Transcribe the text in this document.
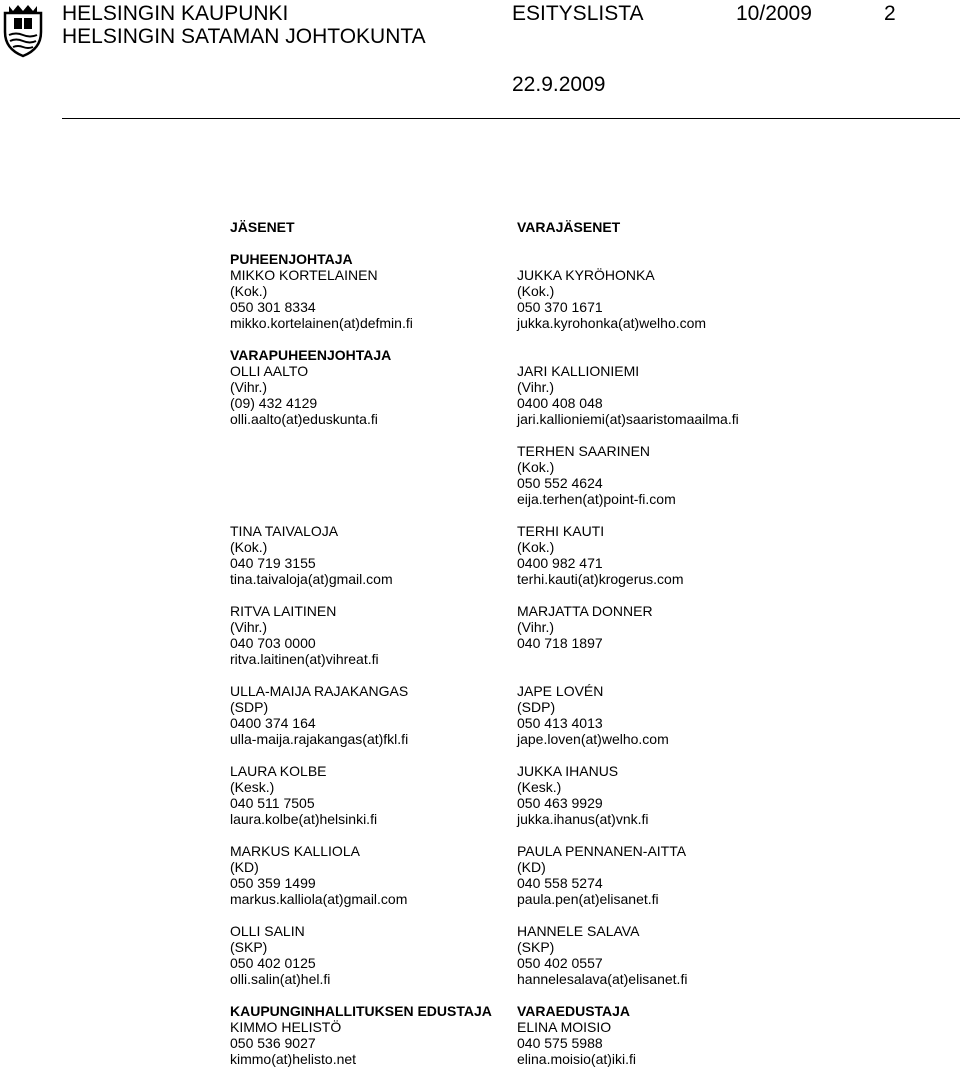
HELSINGIN KAUPUNKI
HELSINGIN SATAMAN JOHTOKUNTA
ESITYSLISTA	10/2009	2
22.9.2009
JÄSENET
PUHEENJOHTAJA
MIKKO KORTELAINEN
(Kok.)
050 301 8334
mikko.kortelainen(at)defmin.fi
VARAPUHEENJOHTAJA
OLLI AALTO
(Vihr.)
(09) 432 4129
olli.aalto(at)eduskunta.fi
TINA TAIVALOJA
(Kok.)
040 719 3155
tina.taivaloja(at)gmail.com
RITVA LAITINEN
(Vihr.)
040 703 0000
ritva.laitinen(at)vihreat.fi
ULLA-MAIJA RAJAKANGAS
(SDP)
0400 374 164
ulla-maija.rajakangas(at)fkl.fi
LAURA KOLBE
(Kesk.)
040 511 7505
laura.kolbe(at)helsinki.fi
MARKUS KALLIOLA
(KD)
050 359 1499
markus.kalliola(at)gmail.com
OLLI SALIN
(SKP)
050 402 0125
olli.salin(at)hel.fi
KAUPUNGINHALLITUKSEN EDUSTAJA
KIMMO HELISTÖ
050 536 9027
kimmo(at)helisto.net
VARAJÄSENET
JUKKA KYRÖHONKA
(Kok.)
050 370 1671
jukka.kyrohonka(at)welho.com
JARI KALLIONIEMI
(Vihr.)
0400 408 048
jari.kallioniemi(at)saaristomaailma.fi
TERHEN SAARINEN
(Kok.)
050 552 4624
eija.terhen(at)point-fi.com
TERHI KAUTI
(Kok.)
0400 982 471
terhi.kauti(at)krogerus.com
MARJATTA DONNER
(Vihr.)
040 718 1897
JAPE LOVÉN
(SDP)
050 413 4013
jape.loven(at)welho.com
JUKKA IHANUS
(Kesk.)
050 463 9929
jukka.ihanus(at)vnk.fi
PAULA PENNANEN-AITTA
(KD)
040 558 5274
paula.pen(at)elisanet.fi
HANNELE SALAVA
(SKP)
050 402 0557
hannelesalava(at)elisanet.fi
VARAEDUSTAJA
ELINA MOISIO
040 575 5988
elina.moisio(at)iki.fi
